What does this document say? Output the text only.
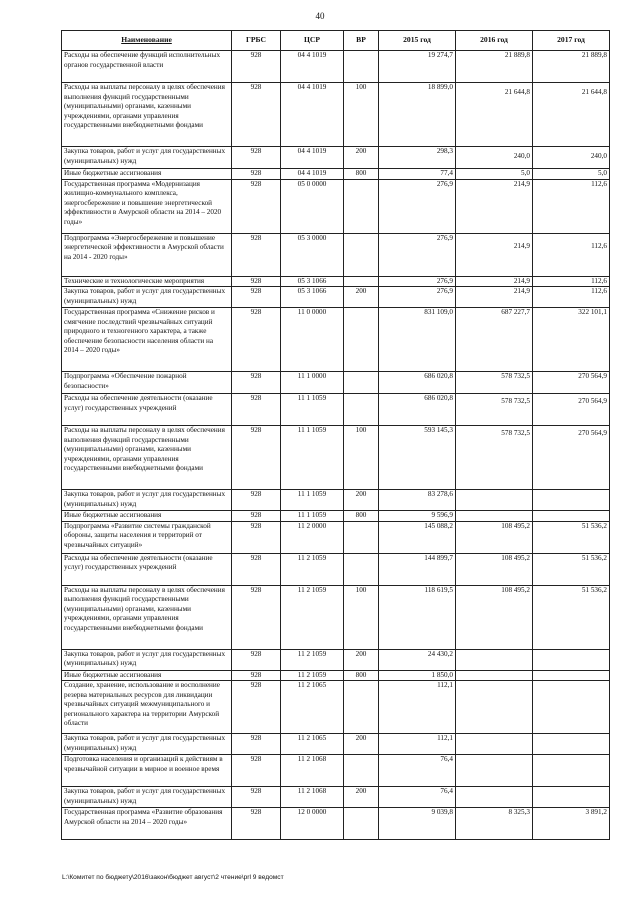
40
Наименование	ГРБС	ЦСР	ВР	2015 год	2016 год	2017 год
Расходы на обеспечение функций исполнительных органов государственной власти	928	04 4 1019		19 274,7	21 889,8	21 889,8

Расходы на выплаты персоналу в целях обеспечения выполнения функций государственными (муниципальными) органами, казенными учреждениями, органами управления государственными внебюджетными фондами	928	04 4 1019	100	18 899,0	21 644,8	21 644,8

Закупка товаров, работ и услуг для государственных (муниципальных) нужд	928	04 4 1019	200	298,3	240,0	240,0

Иные бюджетные ассигнования	928	04 4 1019	800	77,4	5,0	5,0

Государственная программа «Модернизация жилищно-коммунального комплекса, энергосбережение и повышение энергетической эффективности в Амурской области на 2014 – 2020 годы»	928	05 0 0000		276,9	214,9	112,6

Подпрограмма «Энергосбережение и повышение энергетической эффективности в Амурской области на 2014 - 2020 годы»	928	05 3 0000		276,9	214,9	112,6

Технические и технологические мероприятия	928	05 3 1066		276,9	214,9	112,6

Закупка товаров, работ и услуг для государственных (муниципальных) нужд	928	05 3 1066	200	276,9	214,9	112,6

Государственная программа «Снижение рисков и смягчение последствий чрезвычайных ситуаций природного и техногенного характера, а также обеспечение безопасности населения области на 2014 – 2020 годы»	928	11 0 0000		831 109,0	687 227,7	322 101,1

Подпрограмма «Обеспечение пожарной безопасности»	928	11 1 0000		686 020,8	578 732,5	270 564,9

Расходы на обеспечение деятельности (оказание услуг) государственных учреждений	928	11 1 1059		686 020,8	578 732,5	270 564,9

Расходы на выплаты персоналу в целях обеспечения выполнения функций государственными (муниципальными) органами, казенными учреждениями, органами управления государственными внебюджетными фондами	928	11 1 1059	100	593 145,3	578 732,5	270 564,9

Закупка товаров, работ и услуг для государственных (муниципальных) нужд	928	11 1 1059	200	83 278,6		

Иные бюджетные ассигнования	928	11 1 1059	800	9 596,9		

Подпрограмма «Развитие системы гражданской обороны, защиты населения и территорий от чрезвычайных ситуаций»	928	11 2 0000		145 088,2	108 495,2	51 536,2

Расходы на обеспечение деятельности (оказание услуг) государственных учреждений	928	11 2 1059		144 899,7	108 495,2	51 536,2

Расходы на выплаты персоналу в целях обеспечения выполнения функций государственными (муниципальными) органами, казенными учреждениями, органами управления государственными внебюджетными фондами	928	11 2 1059	100	118 619,5	108 495,2	51 536,2

Закупка товаров, работ и услуг для государственных (муниципальных) нужд	928	11 2 1059	200	24 430,2		

Иные бюджетные ассигнования	928	11 2 1059	800	1 850,0		

Создание, хранение, использование и восполнение резерва материальных ресурсов для ликвидации чрезвычайных ситуаций межмуниципального и регионального характера на территории Амурской области	928	11 2 1065		112,1		

Закупка товаров, работ и услуг для государственных (муниципальных) нужд	928	11 2 1065	200	112,1		

Подготовка населения и организаций к действиям в чрезвычайной ситуации в мирное и военное время	928	11 2 1068		76,4		

Закупка товаров, работ и услуг для государственных (муниципальных) нужд	928	11 2 1068	200	76,4		

Государственная программа «Развитие образования Амурской области на 2014 – 2020 годы»	928	12 0 0000		9 039,8	8 325,3	3 891,2
L:\Комитет по бюджету\2016\закон\бюджет август\2 чтение\рrl 9 ведомст
